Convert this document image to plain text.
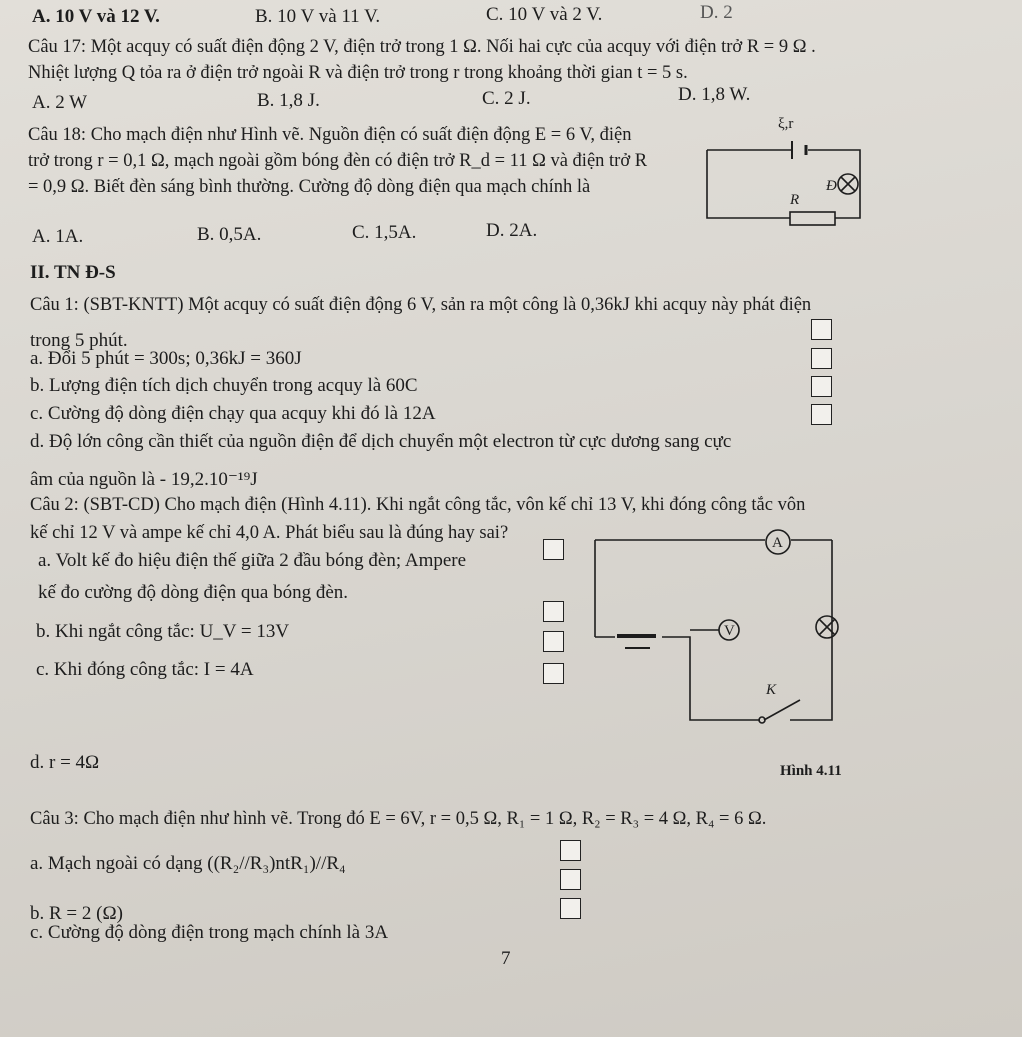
A. 10 V và 12 V.	B. 10 V và 11 V.	C. 10 V và 2 V.	D. 2
Câu 17: Một acquy có suất điện động 2 V, điện trở trong 1 Ω. Nối hai cực của acquy với điện trở R = 9 Ω .
Nhiệt lượng Q tỏa ra ở điện trở ngoài R và điện trở trong r trong khoảng thời gian t = 5 s.
A. 2 W	B. 1,8 J.	C. 2 J.	D. 1,8 W.
Câu 18: Cho mạch điện như Hình vẽ. Nguồn điện có suất điện động E = 6 V, điện
trở trong r = 0,1 Ω, mạch ngoài gồm bóng đèn có điện trở R_d = 11 Ω và điện trở R
= 0,9 Ω. Biết đèn sáng bình thường. Cường độ dòng điện qua mạch chính là
A. 1A.	B. 0,5A.	C. 1,5A.	D. 2A.
ξ,r
R
Đ
II. TN Đ-S
Câu 1: (SBT-KNTT) Một acquy có suất điện động 6 V, sản ra một công là 0,36kJ khi acquy này phát điện
trong 5 phút.
a. Đổi 5 phút = 300s; 0,36kJ = 360J
b. Lượng điện tích dịch chuyển trong acquy là 60C
c. Cường độ dòng điện chạy qua acquy khi đó là 12A
d. Độ lớn công cần thiết của nguồn điện để dịch chuyển một electron từ cực dương sang cực
âm của nguồn là - 19,2.10⁻¹⁹J
Câu 2: (SBT-CD) Cho mạch điện (Hình 4.11). Khi ngắt công tắc, vôn kế chỉ 13 V, khi đóng công tắc vôn
kế chỉ 12 V và ampe kế chỉ 4,0 A. Phát biểu sau là đúng hay sai?
a. Volt kế đo hiệu điện thế giữa 2 đầu bóng đèn; Ampere
kế đo cường độ dòng điện qua bóng đèn.
b. Khi ngắt công tắc: U_V = 13V
c. Khi đóng công tắc: I = 4A
d. r = 4Ω
A
V
K
Hình 4.11
Câu 3: Cho mạch điện như hình vẽ. Trong đó E = 6V, r = 0,5 Ω, R₁ = 1 Ω, R₂ = R₃ = 4 Ω, R₄ = 6 Ω.
a. Mạch ngoài có dạng ((R₂//R₃)ntR₁)//R₄
b. R = 2 (Ω)
c. Cường độ dòng điện trong mạch chính là 3A
7
